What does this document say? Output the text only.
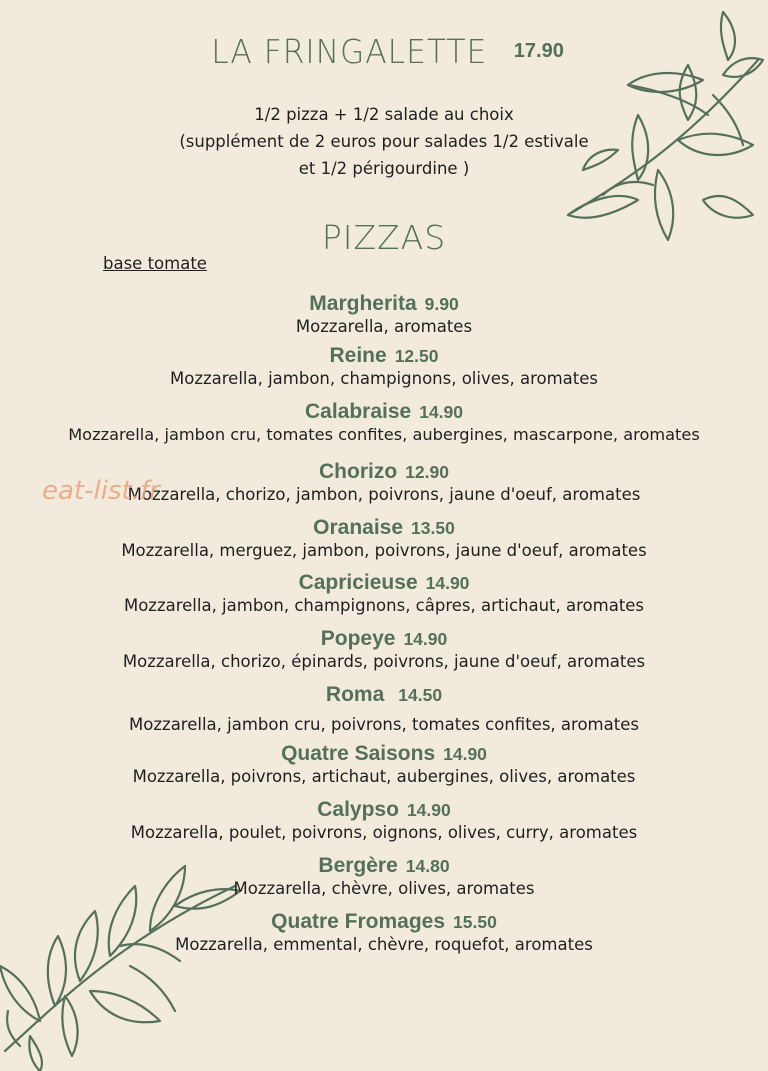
LA FRINGALETTE 17.90
1/2 pizza + 1/2 salade au choix
(supplément de 2 euros pour salades 1/2 estivale
et 1/2 périgourdine )
PIZZAS
base tomate
Margherita 9.90
Mozzarella, aromates
Reine 12.50
Mozzarella, jambon, champignons, olives, aromates
Calabraise 14.90
Mozzarella, jambon cru, tomates confites, aubergines, mascarpone, aromates
Chorizo 12.90
Mozzarella, chorizo, jambon, poivrons, jaune d'oeuf, aromates
Oranaise 13.50
Mozzarella, merguez, jambon, poivrons, jaune d'oeuf, aromates
Capricieuse 14.90
Mozzarella, jambon, champignons, câpres, artichaut, aromates
Popeye 14.90
Mozzarella, chorizo, épinards, poivrons, jaune d'oeuf, aromates
Roma 14.50
Mozzarella, jambon cru, poivrons, tomates confites, aromates
Quatre Saisons 14.90
Mozzarella, poivrons, artichaut, aubergines, olives, aromates
Calypso 14.90
Mozzarella, poulet, poivrons, oignons, olives, curry, aromates
Bergère 14.80
Mozzarella, chèvre, olives, aromates
Quatre Fromages 15.50
Mozzarella, emmental, chèvre, roquefot, aromates
eat-list.fr
